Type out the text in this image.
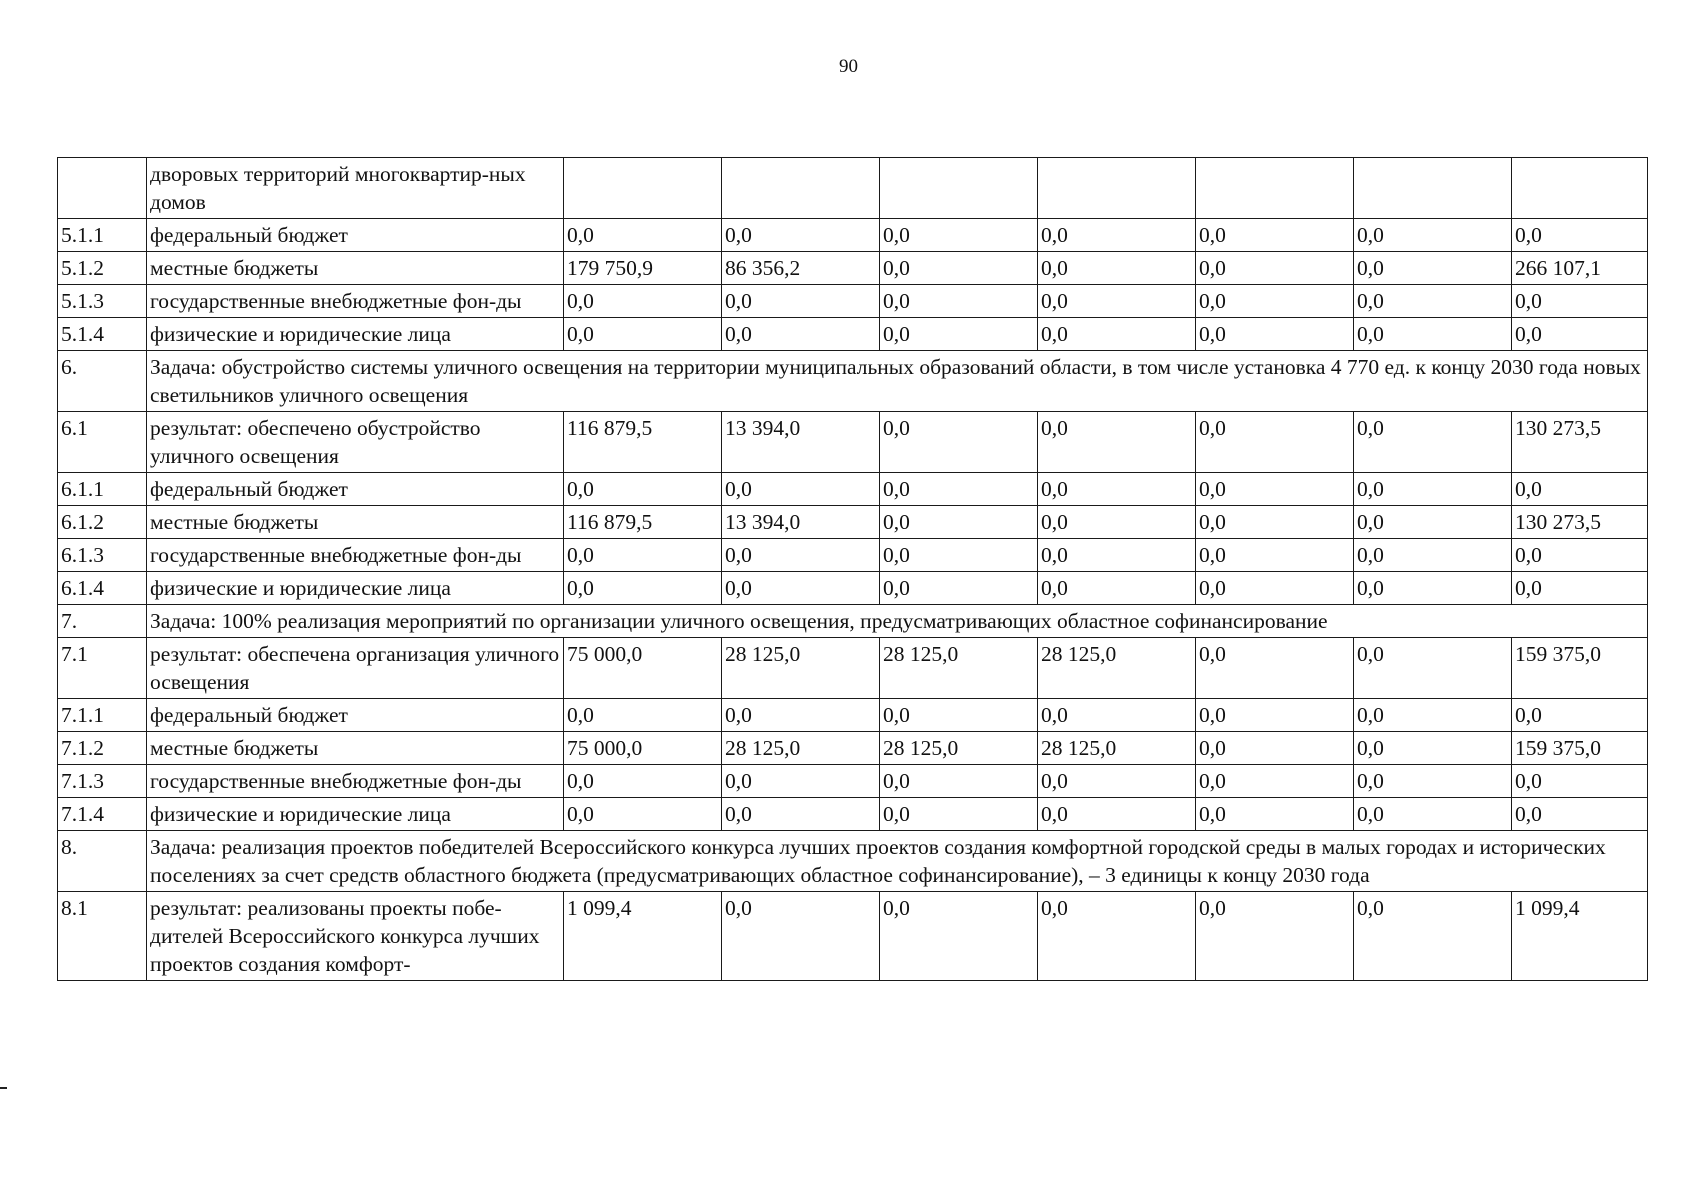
90
	дворовых территорий многоквартир-ных домов							
5.1.1	федеральный бюджет	0,0	0,0	0,0	0,0	0,0	0,0	0,0
5.1.2	местные бюджеты	179 750,9	86 356,2	0,0	0,0	0,0	0,0	266 107,1
5.1.3	государственные внебюджетные фон-ды	0,0	0,0	0,0	0,0	0,0	0,0	0,0
5.1.4	физические и юридические лица	0,0	0,0	0,0	0,0	0,0	0,0	0,0
6.	Задача: обустройство системы уличного освещения на территории муниципальных образований области, в том числе установка 4 770 ед. к концу 2030 года новых светильников уличного освещения							
6.1	результат: обеспечено обустройство уличного освещения	116 879,5	13 394,0	0,0	0,0	0,0	0,0	130 273,5
6.1.1	федеральный бюджет	0,0	0,0	0,0	0,0	0,0	0,0	0,0
6.1.2	местные бюджеты	116 879,5	13 394,0	0,0	0,0	0,0	0,0	130 273,5
6.1.3	государственные внебюджетные фон-ды	0,0	0,0	0,0	0,0	0,0	0,0	0,0
6.1.4	физические и юридические лица	0,0	0,0	0,0	0,0	0,0	0,0	0,0
7.	Задача: 100% реализация мероприятий по организации уличного освещения, предусматривающих областное софинансирование							
7.1	результат: обеспечена организация уличного освещения	75 000,0	28 125,0	28 125,0	28 125,0	0,0	0,0	159 375,0
7.1.1	федеральный бюджет	0,0	0,0	0,0	0,0	0,0	0,0	0,0
7.1.2	местные бюджеты	75 000,0	28 125,0	28 125,0	28 125,0	0,0	0,0	159 375,0
7.1.3	государственные внебюджетные фон-ды	0,0	0,0	0,0	0,0	0,0	0,0	0,0
7.1.4	физические и юридические лица	0,0	0,0	0,0	0,0	0,0	0,0	0,0
8.	Задача: реализация проектов победителей Всероссийского конкурса лучших проектов создания комфортной городской среды в малых городах и исторических поселениях за счет средств областного бюджета (предусматривающих областное софинансирование), – 3 единицы к концу 2030 года							
8.1	результат: реализованы проекты побе-дителей Всероссийского конкурса лучших проектов создания комфорт-	1 099,4	0,0	0,0	0,0	0,0	0,0	1 099,4
